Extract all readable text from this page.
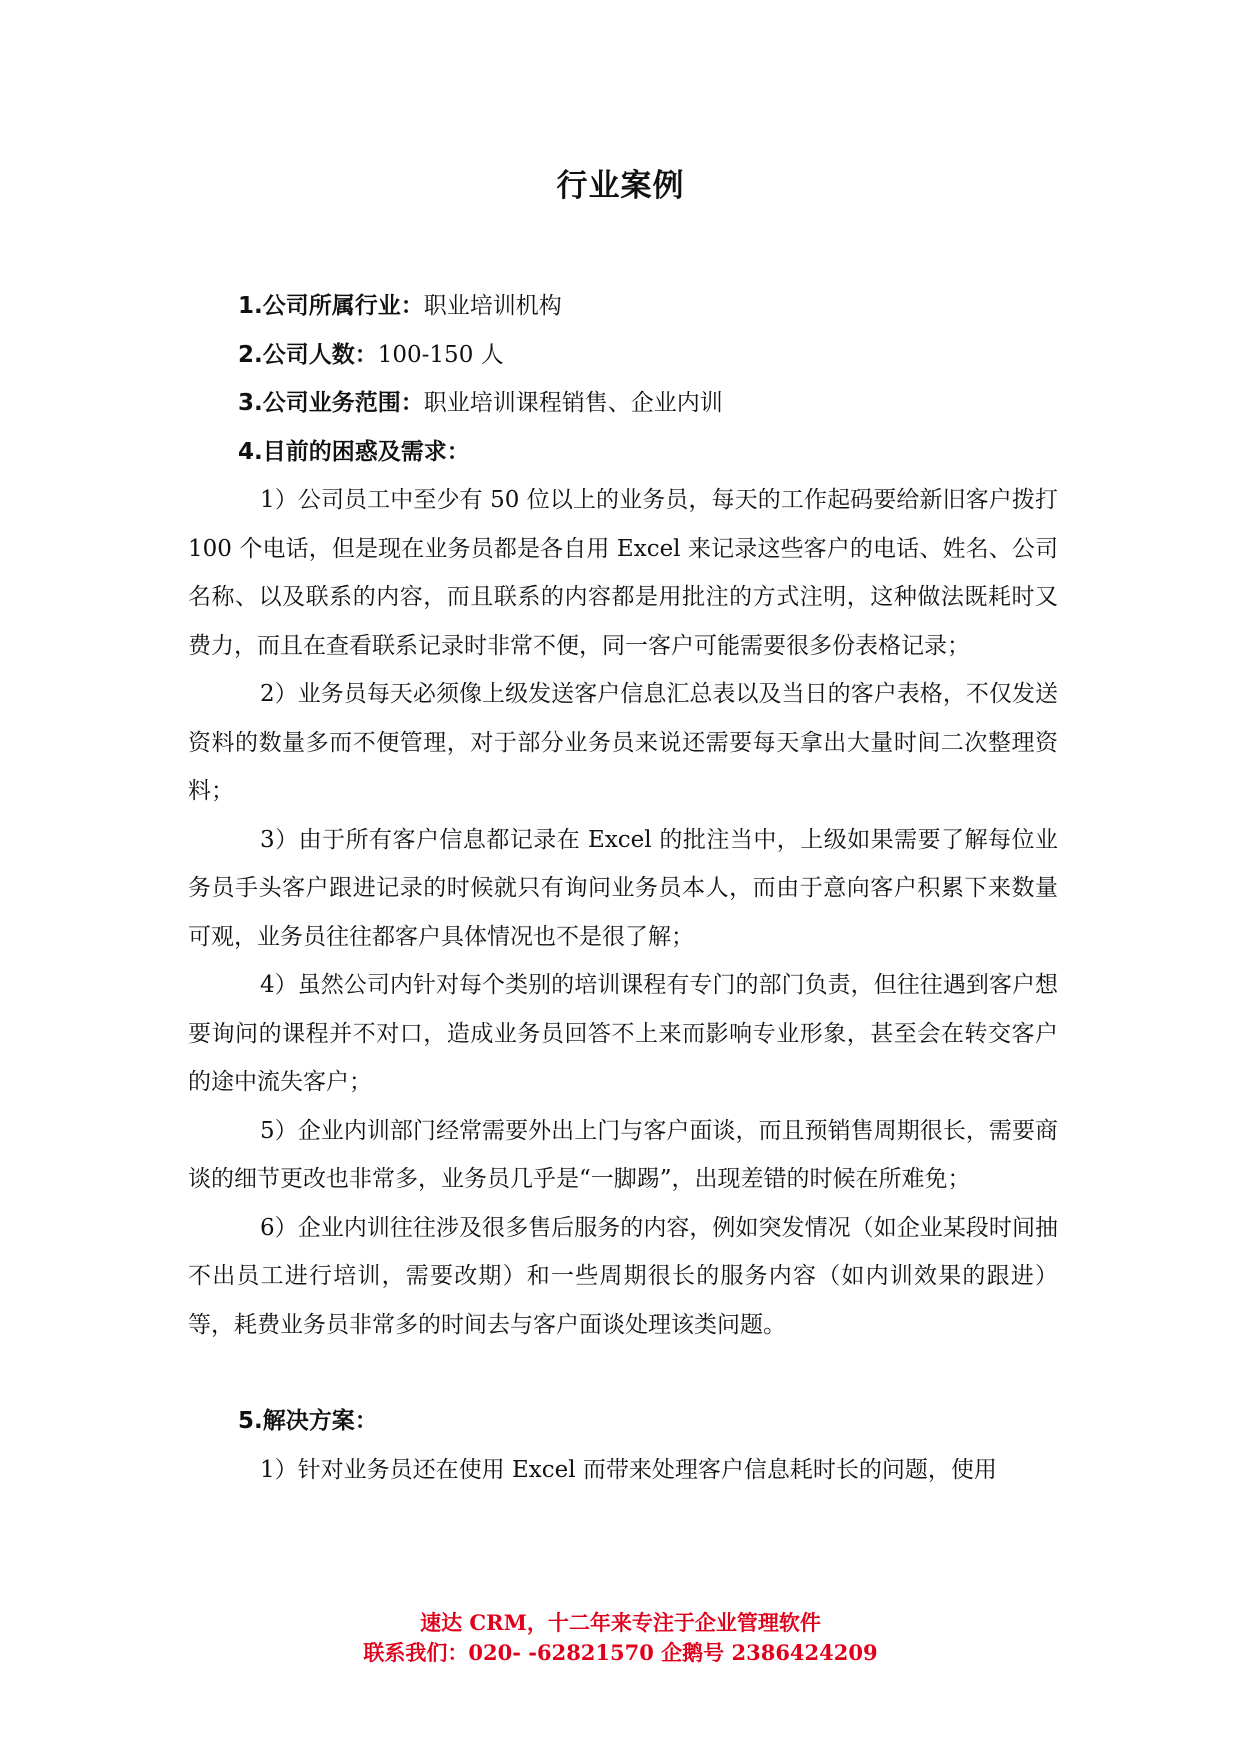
行业案例
1.公司所属行业：职业培训机构
2.公司人数：100-150 人
3.公司业务范围：职业培训课程销售、企业内训
4.目前的困惑及需求：

1）公司员工中至少有 50 位以上的业务员，每天的工作起码要给新旧客户拨打 100 个电话，但是现在业务员都是各自用 Excel 来记录这些客户的电话、姓名、公司名称、以及联系的内容，而且联系的内容都是用批注的方式注明，这种做法既耗时又费力，而且在查看联系记录时非常不便，同一客户可能需要很多份表格记录；

2）业务员每天必须像上级发送客户信息汇总表以及当日的客户表格，不仅发送资料的数量多而不便管理，对于部分业务员来说还需要每天拿出大量时间二次整理资料；

3）由于所有客户信息都记录在 Excel 的批注当中，上级如果需要了解每位业务员手头客户跟进记录的时候就只有询问业务员本人，而由于意向客户积累下来数量可观，业务员往往都客户具体情况也不是很了解；

4）虽然公司内针对每个类别的培训课程有专门的部门负责，但往往遇到客户想要询问的课程并不对口，造成业务员回答不上来而影响专业形象，甚至会在转交客户的途中流失客户；

5）企业内训部门经常需要外出上门与客户面谈，而且预销售周期很长，需要商谈的细节更改也非常多，业务员几乎是“一脚踢”，出现差错的时候在所难免；

6）企业内训往往涉及很多售后服务的内容，例如突发情况（如企业某段时间抽不出员工进行培训，需要改期）和一些周期很长的服务内容（如内训效果的跟进）等，耗费业务员非常多的时间去与客户面谈处理该类问题。

5.解决方案：

1）针对业务员还在使用 Excel 而带来处理客户信息耗时长的问题，使用

速达 CRM，十二年来专注于企业管理软件
联系我们：020- -62821570 企鹅号 2386424209
